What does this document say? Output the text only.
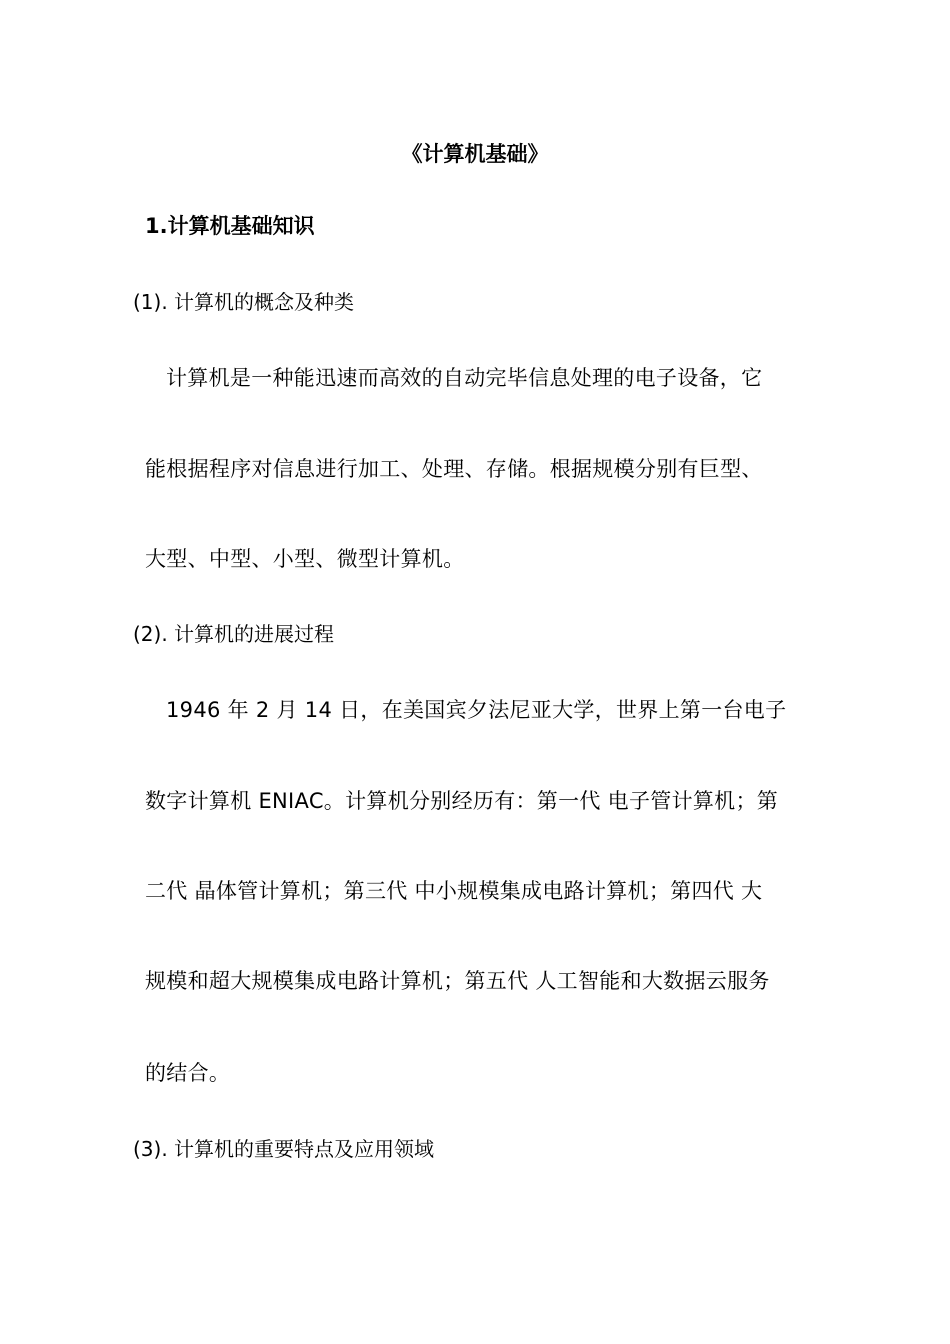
《计算机基础》
1.计算机基础知识
(1). 计算机的概念及种类
计算机是一种能迅速而高效的自动完毕信息处理的电子设备，它
能根据程序对信息进行加工、处理、存储。根据规模分别有巨型、
大型、中型、小型、微型计算机。
(2). 计算机的进展过程
1946 年 2 月 14 日，在美国宾夕法尼亚大学，世界上第一台电子
数字计算机 ENIAC。计算机分别经历有：第一代 电子管计算机；第
二代 晶体管计算机；第三代 中小规模集成电路计算机；第四代 大
规模和超大规模集成电路计算机；第五代 人工智能和大数据云服务
的结合。
(3). 计算机的重要特点及应用领域
